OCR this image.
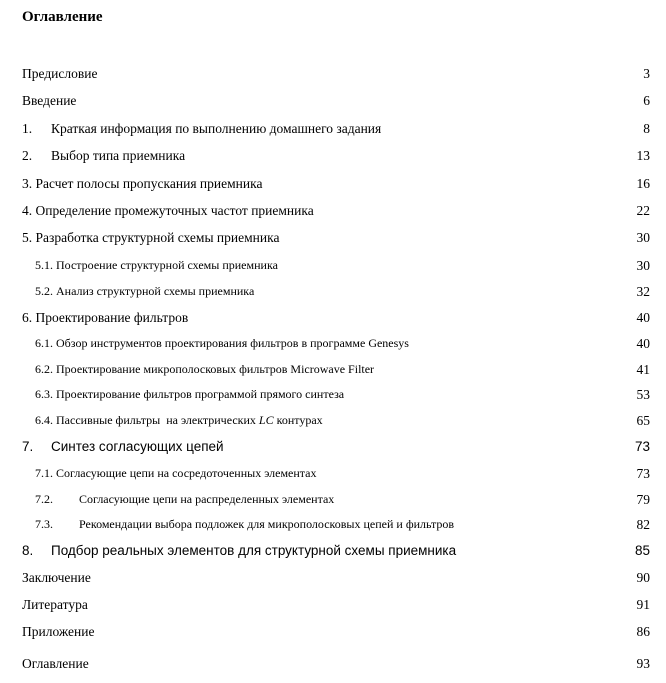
Оглавление
Предисловие	3
Введение	6
1. Краткая информация по выполнению домашнего задания	8
2. Выбор типа приемника	13
3. Расчет полосы пропускания приемника	16
4. Определение промежуточных частот приемника	22
5. Разработка структурной схемы приемника	30
5.1. Построение структурной схемы приемника	30
5.2. Анализ структурной схемы приемника	32
6. Проектирование фильтров	40
6.1. Обзор инструментов проектирования фильтров в программе Genesys	40
6.2. Проектирование микрополосковых фильтров Microwave Filter	41
6.3. Проектирование фильтров программой прямого синтеза	53
6.4. Пассивные фильтры  на электрических LC контурах	65
7. Синтез согласующих цепей	73
7.1. Согласующие цепи на сосредоточенных элементах	73
7.2. Согласующие цепи на распределенных элементах	79
7.3. Рекомендации выбора подложек для микрополосковых цепей и фильтров	82
8. Подбор реальных элементов для структурной схемы приемника	85
Заключение	90
Литература	91
Приложение	86
Оглавление	93
